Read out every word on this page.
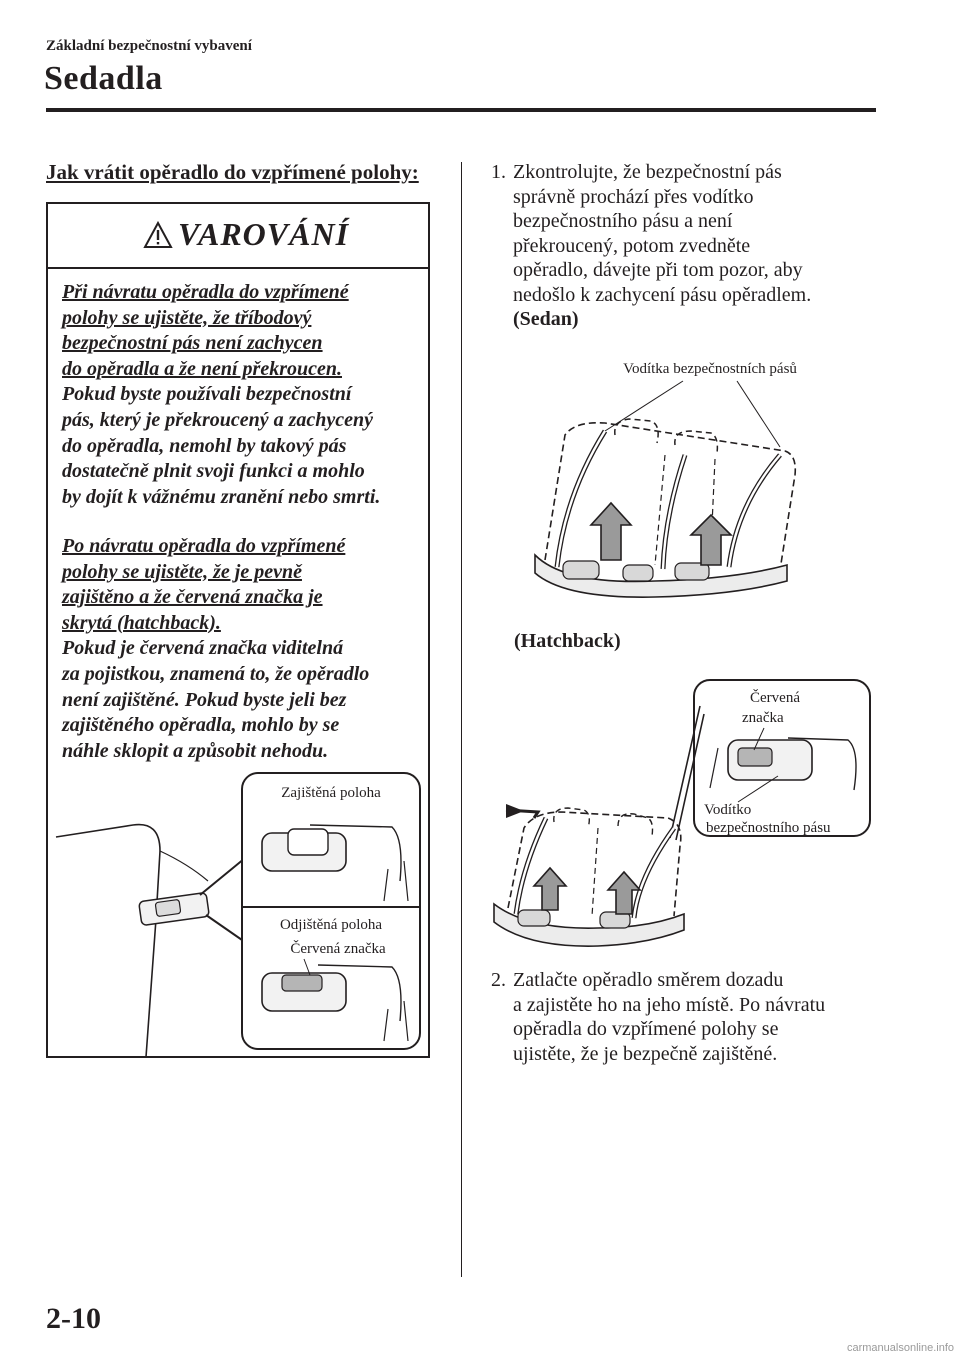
Základní bezpečnostní vybavení
Sedadla
Jak vrátit opěradlo do vzpřímené polohy:
VAROVÁNÍ
Při návratu opěradla do vzpřímené
polohy se ujistěte, že tříbodový
bezpečnostní pás není zachycen
do opěradla a že není překroucen.
Pokud byste používali bezpečnostní
pás, který je překroucený a zachycený
do opěradla, nemohl by takový pás
dostatečně plnit svoji funkci a mohlo
by dojít k vážnému zranění nebo smrti.
Po návratu opěradla do vzpřímené
polohy se ujistěte, že je pevně
zajištěno a že červená značka je
skrytá (hatchback).
Pokud je červená značka viditelná
za pojistkou, znamená to, že opěradlo
není zajištěné. Pokud byste jeli bez
zajištěného opěradla, mohlo by se
náhle sklopit a způsobit nehodu.
Zajištěná poloha
Odjištěná poloha
Červená značka
1. Zkontrolujte, že bezpečnostní pás
správně prochází přes vodítko
bezpečnostního pásu a není
překroucený, potom zvedněte
opěradlo, dávejte při tom pozor, aby
nedošlo k zachycení pásu opěradlem.
(Sedan)
Vodítka bezpečnostních pásů
(Hatchback)
Červená
značka
Vodítko
bezpečnostního pásu
2. Zatlačte opěradlo směrem dozadu
a zajistěte ho na jeho místě. Po návratu
opěradla do vzpřímené polohy se
ujistěte, že je bezpečně zajištěné.
2-10
carmanualsonline.info
